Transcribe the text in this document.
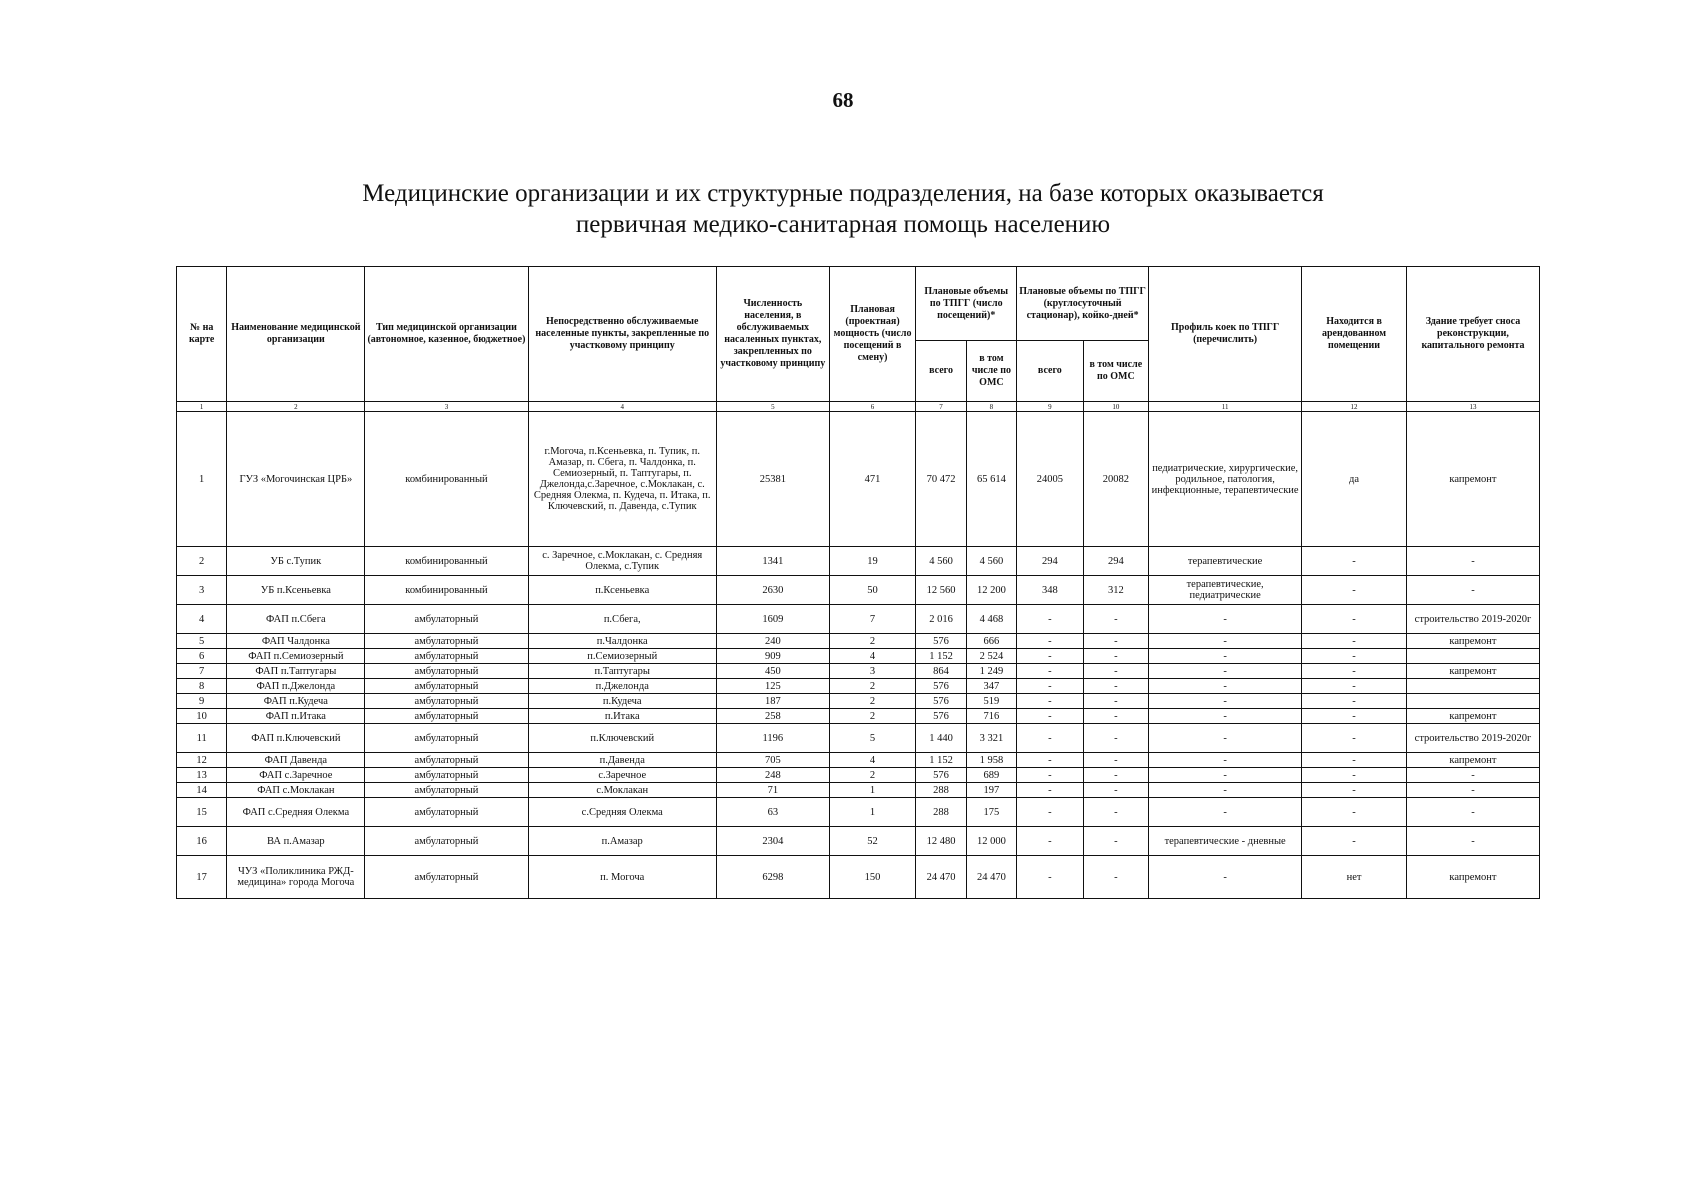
68
Медицинские организации и их структурные подразделения, на базе которых оказывается
первичная медико-санитарная помощь населению
№ на карте	Наименование медицинской организации	Тип медицинской организации (автономное, казенное, бюджетное)	Непосредственно обслуживаемые населенные пункты, закрепленные по участковому принципу	Численность населения, в обслуживаемых насаленных пунктах, закрепленных по участковому принципу	Плановая (проектная) мощность (число посещений в смену)	Плановые объемы по ТПГГ (число посещений)*		Плановые объемы по ТПГГ (круглосуточный стационар), койко-дней*		Профиль коек по ТПГГ (перечислить)	Находится в арендованном помещении	Здание требует сноса реконструкции, капитального ремонта
						всего	в том числе по ОМС	всего	в том числе по ОМС			
1	2	3	4	5	6	7	8	9	10	11	12	13
1	ГУЗ «Могочинская ЦРБ»	комбинированный	г.Могоча, п.Ксеньевка, п. Тупик, п. Амазар, п. Сбега, п. Чалдонка, п. Семиозерный, п. Таптугары, п. Джелонда,с.Заречное, с.Моклакан, с. Средняя Олекма, п. Кудеча, п. Итака, п. Ключевский, п. Давенда, с.Тупик	25381	471	70 472	65 614	24005	20082	педиатрические, хирургические, родильное, патология, инфекционные, терапевтические	да	капремонт
2	УБ с.Тупик	комбинированный	с. Заречное, с.Моклакан, с. Средняя Олекма, с.Тупик	1341	19	4 560	4 560	294	294	терапевтические	-	-
3	УБ п.Ксеньевка	комбинированный	п.Ксеньевка	2630	50	12 560	12 200	348	312	терапевтические, педиатрические	-	-
4	ФАП п.Сбега	амбулаторный	п.Сбега,	1609	7	2 016	4 468	-	-	-	-	строительство 2019-2020г
5	ФАП Чалдонка	амбулаторный	п.Чалдонка	240	2	576	666	-	-	-	-	капремонт
6	ФАП п.Семиозерный	амбулаторный	п.Семиозерный	909	4	1 152	2 524	-	-	-	-	
7	ФАП п.Таптугары	амбулаторный	п.Таптугары	450	3	864	1 249	-	-	-	-	капремонт
8	ФАП п.Джелонда	амбулаторный	п.Джелонда	125	2	576	347	-	-	-	-	
9	ФАП п.Кудеча	амбулаторный	п.Кудеча	187	2	576	519	-	-	-	-	
10	ФАП п.Итака	амбулаторный	п.Итака	258	2	576	716	-	-	-	-	капремонт
11	ФАП п.Ключевский	амбулаторный	п.Ключевский	1196	5	1 440	3 321	-	-	-	-	строительство 2019-2020г
12	ФАП Давенда	амбулаторный	п.Давенда	705	4	1 152	1 958	-	-	-	-	капремонт
13	ФАП с.Заречное	амбулаторный	с.Заречное	248	2	576	689	-	-	-	-	-
14	ФАП с.Моклакан	амбулаторный	с.Моклакан	71	1	288	197	-	-	-	-	-
15	ФАП с.Средняя Олекма	амбулаторный	с.Средняя Олекма	63	1	288	175	-	-	-	-	-
16	ВА п.Амазар	амбулаторный	п.Амазар	2304	52	12 480	12 000	-	-	терапевтические - дневные	-	-
17	ЧУЗ «Поликлиника РЖД-медицина» города Могоча	амбулаторный	п. Могоча	6298	150	24 470	24 470	-	-	-	нет	капремонт
